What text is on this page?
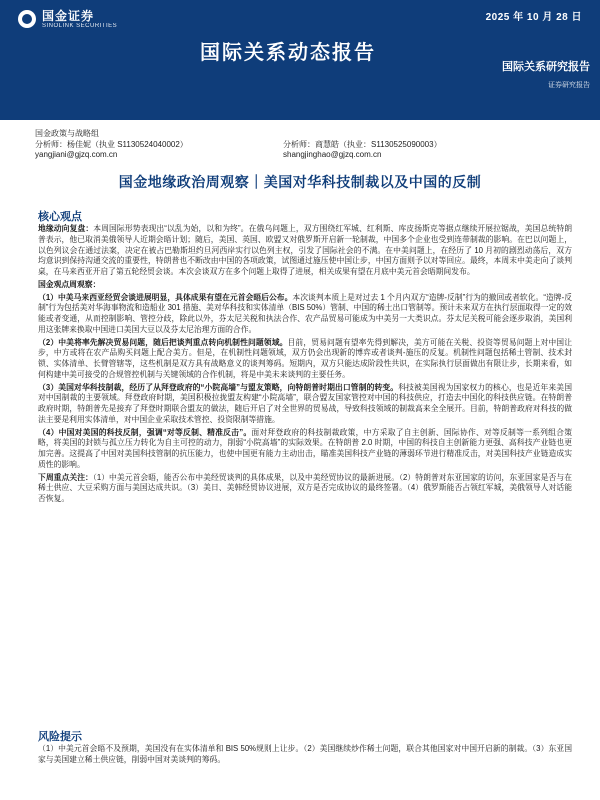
国金证券
SINOLINK SECURITIES
2025 年 10 月 28 日
国际关系动态报告
国际关系研究报告
证券研究报告
国金政策与战略组
分析师：杨佳妮（执业 S1130524040002）	分析师：商慧皓（执业：S1130525090003）
yangjiani@gjzq.com.cn	shangjinghao@gjzq.com.cn
国金地缘政治周观察｜美国对华科技制裁以及中国的反制
核心观点

地缘动向复盘：本周国际形势表现出“以乱为始，以和为终”。在俄乌问题上，双方围绕红军城、红利斯、库皮扬斯克等据点继续开展拉锯战，美国总统特朗普表示，他已取消美俄领导人近期会晤计划；随后，美国、英国、欧盟又对俄罗斯开启新一轮制裁，中国多个企业也受到连带制裁的影响。在巴以问题上，以色列议会在通过法案，决定在被占巴勒斯坦约旦河西岸实行以色列主权，引发了国际社会的不满。在中美问题上，在经历了 10 月初的剧烈动荡后，双方均意识到保持沟通交流的重要性，特朗普也不断改由中国的各项政策，试图通过施压使中国让步，中国方面则予以对等回应。最终，本周末中美走向了谈判桌，在马来西亚开启了第五轮经贸会谈。本次会谈双方在多个问题上取得了进展，相关成果有望在月底中美元首会晤期间发布。

国金观点周观察：

（1）中美马来西亚经贸会谈进展明显，具体成果有望在元首会晤后公布。本次谈判本质上是对过去 1 个月内双方“造牌-反制”行为的撤回或者软化。“造牌-反制”行为包括美对华海事物流和造船业 301 措施、美对华科技和实体清单（BIS 50%）管制、中国的稀土出口管制等。预计未来双方在执行层面取得一定的效能或者变通，从而控制影响、管控分歧，除此以外，芬太尼关税和执法合作、农产品贸易可能成为中美另一大类识点。芬太尼关税可能会逐步取消，美国利用这张牌来换取中国进口美国大豆以及芬太尼治理方面的合作。

（2）中美将率先解决贸易问题，随后把谈判重点转向机制性问题领域。目前，贸易问题有望率先得到解决，美方可能在关税、投资等贸易问题上对中国让步，中方或将在农产品购买问题上配合美方。但是，在机制性问题领域，双方仍会出现新的博弈或者谈判-施压的反复。机制性问题包括稀土管制、技术封锁、实体清单、长臂管辖等，这些机制是双方具有战略意义的谈判筹码。短期内，双方只能达成阶段性共识，在实际执行层面做出有限让步，长期来看，如何构建中美可接受的合规管控机制与关键领域的合作机制，将是中美未来谈判的主要任务。

（3）美国对华科技制裁，经历了从拜登政府的“小院高墙”与盟友策略，向特朗普时期出口管制的转变。科技被美国视为国家权力的核心，也是近年来美国对中国制裁的主要领域。拜登政府时期，美国积极拉拢盟友构建“小院高墙”，联合盟友国家管控对中国的科技供应，打造去中国化的科技供应链。在特朗普政府时期，特朗普先是接弃了拜登时期联合盟友的做法，随后开启了对全世界的贸易战，导致科技领域的制裁高来全全展开。目前，特朗普政府对科技的做法主要是利用实体清单，对中国企业采取技术管控、投资限制等措施。

（4）中国对美国的科技反制，强调“对等反制、精准反击”。面对拜登政府的科技制裁政策，中方采取了自主创新、国际协作、对等反制等一系列组合策略，将美国的封锁与孤立压力转化为自主可控的动力，削弱“小院高墙”的实际效果。在特朗普 2.0 时期，中国的科技自主创新能力更强、高科技产业链也更加完善。这提高了中国对美国科技管制的抗压能力，也使中国更有能力主动出击，瞄准美国科技产业链的薄弱环节进行精准反击，对美国科技产业链造成实质性的影响。

下周重点关注：（1）中美元首会晤，能否公布中美经贸谈判的具体成果，以及中美经贸协议的最新进展。（2）特朗普对东亚国家的访问，东亚国家是否与在稀土供应、大豆采购方面与美国达成共识。（3）美日、美韩经贸协议进展，双方是否完成协议的最终签署。（4）俄罗斯能否占领红军城，美俄领导人对话能否恢复。

风险提示
（1）中美元首会晤不及预期，美国没有在实体清单和 BIS 50%规则上让步。（2）美国继续炒作稀土问题，联合其他国家对中国开启新的制裁。（3）东亚国家与美国建立稀土供应链，削弱中国对美谈判的筹码。
